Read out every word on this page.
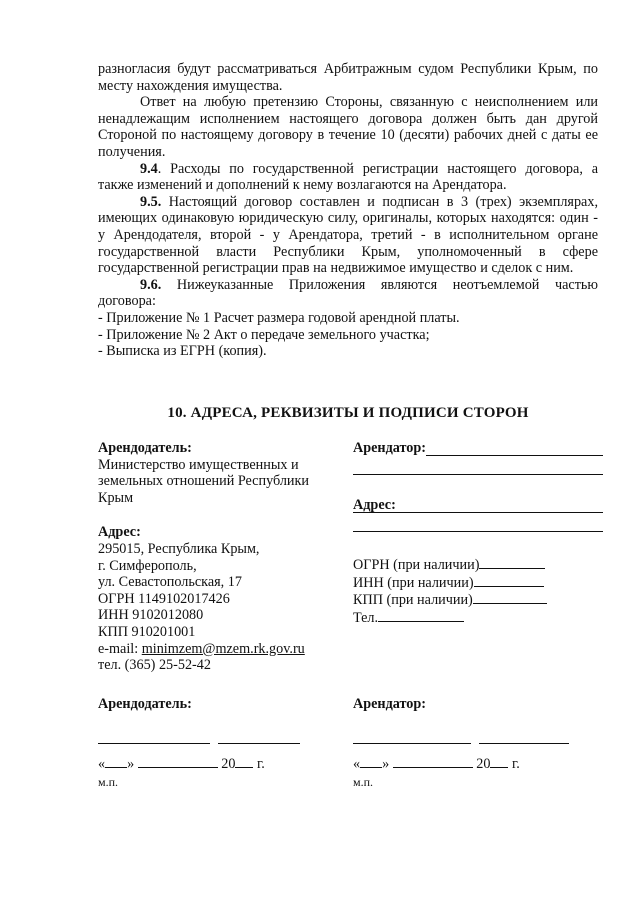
разногласия будут рассматриваться Арбитражным судом Республики Крым, по месту нахождения имущества.

Ответ на любую претензию Стороны, связанную с неисполнением или ненадлежащим исполнением настоящего договора должен быть дан другой Стороной по настоящему договору в течение 10 (десяти) рабочих дней с даты ее получения.

9.4. Расходы по государственной регистрации настоящего договора, а также изменений и дополнений к нему возлагаются на Арендатора.

9.5. Настоящий договор составлен и подписан в 3 (трех) экземплярах, имеющих одинаковую юридическую силу, оригиналы, которых находятся: один - у Арендодателя, второй - у Арендатора, третий - в исполнительном органе государственной власти Республики Крым, уполномоченный в сфере государственной регистрации прав на недвижимое имущество и сделок с ним.

9.6. Нижеуказанные Приложения являются неотъемлемой частью договора:

- Приложение № 1 Расчет размера годовой арендной платы.

- Приложение № 2 Акт о передаче земельного участка;

- Выписка из ЕГРН (копия).

10. АДРЕСА, РЕКВИЗИТЫ И ПОДПИСИ СТОРОН
Арендодатель:
Министерство имущественных и
земельных отношений Республики
Крым
Адрес:
295015, Республика Крым,
г. Симферополь,
ул. Севастопольская, 17
ОГРН 1149102017426
ИНН 9102012080
КПП 910201001
e-mail: minimzem@mzem.rk.gov.ru
тел. (365) 25-52-42
Арендатор:
Адрес:
ОГРН (при наличии)
ИНН (при наличии)
КПП (при наличии)
Тел.
Арендодатель:
« »	20 г.
м.п.
Арендатор:
« »	20 г.
м.п.
